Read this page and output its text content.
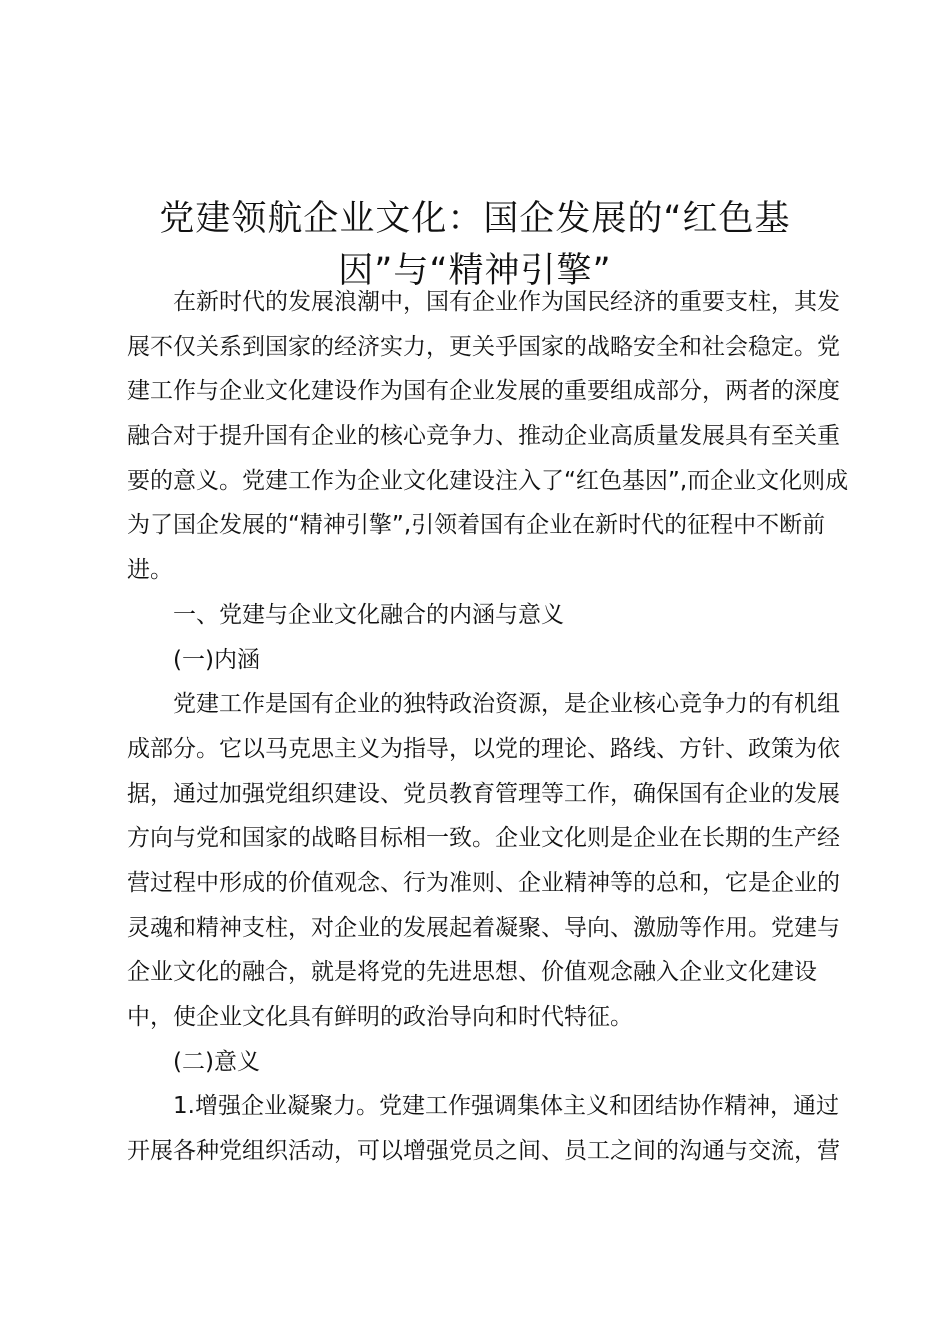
党建领航企业文化：国企发展的“红色基
因”与“精神引擎”
在新时代的发展浪潮中，国有企业作为国民经济的重要支柱，其发
展不仅关系到国家的经济实力，更关乎国家的战略安全和社会稳定。党
建工作与企业文化建设作为国有企业发展的重要组成部分，两者的深度
融合对于提升国有企业的核心竞争力、推动企业高质量发展具有至关重
要的意义。党建工作为企业文化建设注入了“红色基因”,而企业文化则成
为了国企发展的“精神引擎”,引领着国有企业在新时代的征程中不断前
进。
一、党建与企业文化融合的内涵与意义
(一)内涵
党建工作是国有企业的独特政治资源，是企业核心竞争力的有机组
成部分。它以马克思主义为指导，以党的理论、路线、方针、政策为依
据，通过加强党组织建设、党员教育管理等工作，确保国有企业的发展
方向与党和国家的战略目标相一致。企业文化则是企业在长期的生产经
营过程中形成的价值观念、行为准则、企业精神等的总和，它是企业的
灵魂和精神支柱，对企业的发展起着凝聚、导向、激励等作用。党建与
企业文化的融合，就是将党的先进思想、价值观念融入企业文化建设
中，使企业文化具有鲜明的政治导向和时代特征。
(二)意义
1.增强企业凝聚力。党建工作强调集体主义和团结协作精神，通过
开展各种党组织活动，可以增强党员之间、员工之间的沟通与交流，营
